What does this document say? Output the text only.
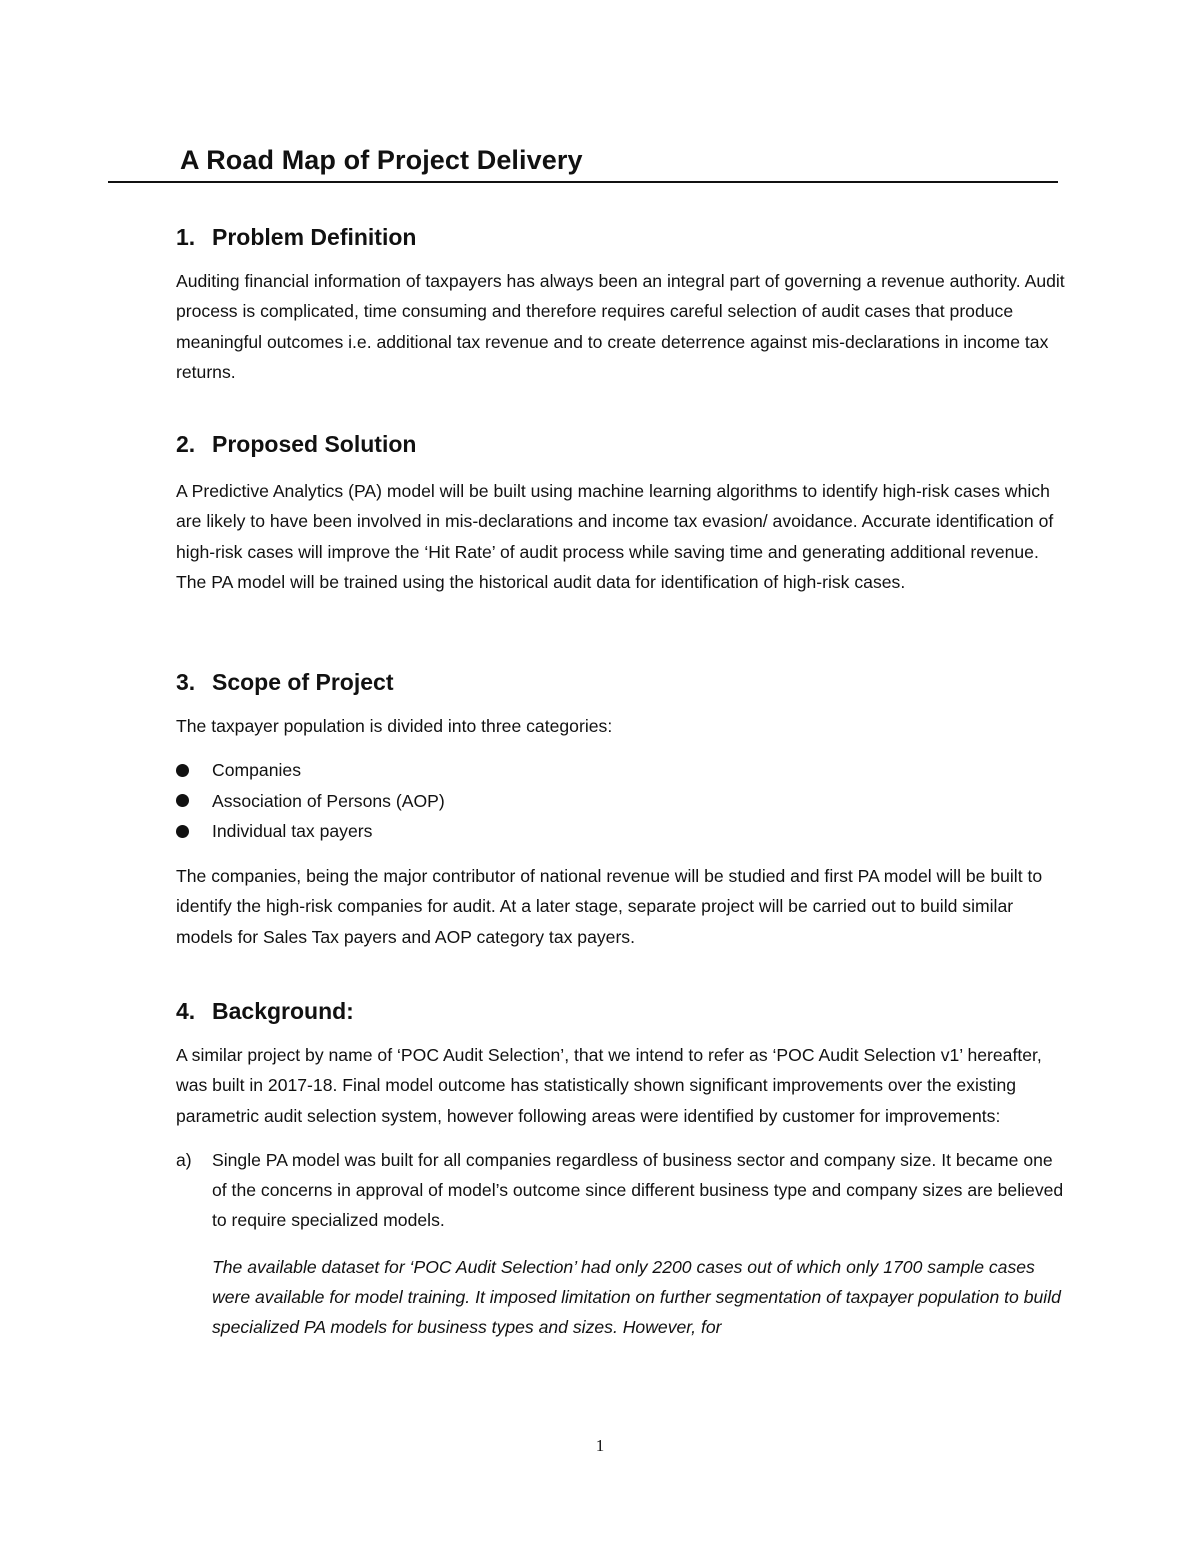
A Road Map of Project Delivery
1. Problem Definition

Auditing financial information of taxpayers has always been an integral part of governing a revenue authority. Audit process is complicated, time consuming and therefore requires careful selection of audit cases that produce meaningful outcomes i.e. additional tax revenue and to create deterrence against mis-declarations in income tax returns.

2. Proposed Solution

A Predictive Analytics (PA) model will be built using machine learning algorithms to identify high-risk cases which are likely to have been involved in mis-declarations and income tax evasion/ avoidance. Accurate identification of high-risk cases will improve the ‘Hit Rate’ of audit process while saving time and generating additional revenue. The PA model will be trained using the historical audit data for identification of high-risk cases.

3. Scope of Project

The taxpayer population is divided into three categories:

Companies
Association of Persons (AOP)
Individual tax payers

The companies, being the major contributor of national revenue will be studied and first PA model will be built to identify the high-risk companies for audit. At a later stage, separate project will be carried out to build similar models for Sales Tax payers and AOP category tax payers.

4. Background:

A similar project by name of ‘POC Audit Selection’, that we intend to refer as ‘POC Audit Selection v1’ hereafter, was built in 2017-18. Final model outcome has statistically shown significant improvements over the existing parametric audit selection system, however following areas were identified by customer for improvements:

a)	Single PA model was built for all companies regardless of business sector and company size. It became one of the concerns in approval of model’s outcome since different business type and company sizes are believed to require specialized models.

The available dataset for ‘POC Audit Selection’ had only 2200 cases out of which only 1700 sample cases were available for model training. It imposed limitation on further segmentation of taxpayer population to build specialized PA models for business types and sizes. However, for

1
